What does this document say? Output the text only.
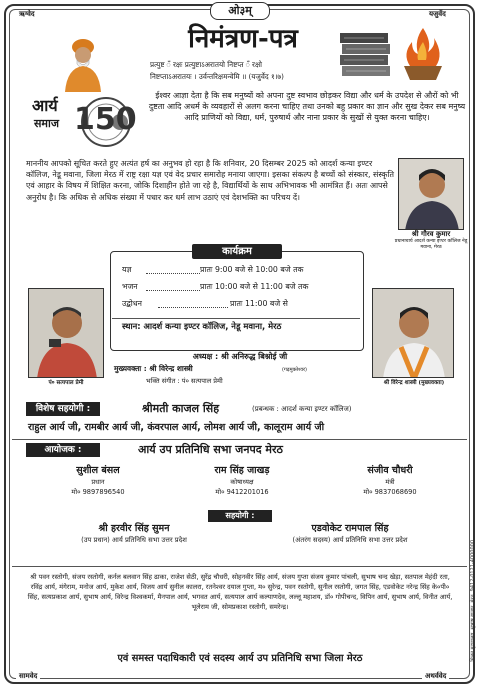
ऋग्वेद	यजुर्वेद
सामवेद	अथर्ववेद
मिलन मुद्रणालय, सुभाष बाजार, मेरठ, 9412-0121-4000000
ओ३म्
आर्य
समाज 150
निमंत्रण-पत्र
प्रत्युष्ट ँ रक्षः प्रत्युष्टाऽअरातयो निष्टप्त ँ रक्षो
निष्टप्ताऽअरातयः । उर्वन्तरिक्षमन्वेमि ॥ (यजुर्वेद १।७)
ईश्वर आज्ञा देता है कि सब मनुष्यों को अपना दुष्ट स्वभाव छोड़कर विद्या और धर्म के उपदेश से औरों को भी दुष्टता आदि अधर्म के व्यवहारों से अलग करना चाहिए तथा उनको बहु प्रकार का ज्ञान और सुख देकर सब मनुष्य आदि प्राणियों को विद्या, धर्म, पुरुषार्थ और नाना प्रकार के सुखों से युक्त करना चाहिए।
माननीय आपको सूचित करते हुए अत्यंत हर्ष का अनुभव हो रहा है कि शनिवार, 20 दिसम्बर 2025 को आदर्श कन्या इण्टर कॉलिज, नेडू मवाना, जिला मेरठ में राष्ट्र रक्षा यज्ञ एवं वेद प्रचार समारोह मनाया जाएगा। इसका संकल्प है बच्चों को संस्कार, संस्कृति एवं आहार के विषय में शिक्षित करना, जोकि दिशाहीन होते जा रहे है, विद्यार्थियों के साथ अभिभावक भी आमंत्रित हैं। अतः आपसे अनुरोध है। कि अधिक से अधिक संख्या में पधार कर धर्म लाभ उठाएं एवं देशभक्ति का परिचय दें।
श्री गौरव कुमार
प्रधानाचार्य आदर्श कन्या इण्टर कॉलिज नेडू मवाना, मेरठ
कार्यक्रम
यज्ञ	प्रातः 9:00 बजे से 10:00 बजे तक
भजन	प्रातः 10:00 बजे से 11:00 बजे तक
उद्बोधन	प्रातः 11:00 बजे से
स्थान: आदर्श कन्या इण्टर कॉलिज, नेडू मवाना, मेरठ
अध्यक्ष : श्री अनिरुद्ध बिश्नोई जी
मुख्यवक्ता : श्री विरेन्द्र शास्त्री	(गढ़मुक्तेश्वर)
भक्ति संगीत : पं० सत्यपाल प्रेमी
पं० सत्यपाल प्रेमी	श्री विरेन्द्र शास्त्री (मुख्यवक्ता)
विशेष सहयोगी :	श्रीमती काजल सिंह	(प्रबन्धक : आदर्श कन्या इण्टर कॉलिज)
राहुल आर्य जी, रामबीर आर्य जी, कंवरपाल आर्य, लोमश आर्य जी, कालूराम आर्य जी
आयोजक :	आर्य उप प्रतिनिधि सभा जनपद मेरठ
सुशील बंसल
प्रधान
मो० 9897896540
राम सिंह जाखड़
कोषाध्यक्ष
मो० 9412201016
संजीव चौधरी
मंत्री
मो० 9837068690
सहयोगी :
श्री हरवीर सिंह सुमन
(उप प्रधान) आर्य प्रतिनिधि सभा उत्तर प्रदेश
एडवोकेट रामपाल सिंह
(अंतरंग सदस्य) आर्य प्रतिनिधि सभा उत्तर प्रदेश
श्री पवन रस्तोगी, संजय रस्तोगी, कर्नल बलवान सिंह ढाका, राजेश सेठी, सुरेंद्र चौधरी, सोहनवीर सिंह आर्य, संजय गुप्ता संजय कुमार पांचली, सुभाष चन्द खेड़ा, सतपाल मेहंदी रता, रविंद्र आर्य, मंगेराम, मनोज आर्य, मुकेश आर्य, विजय आर्य सुनील कालरा, रतनेश्वर दयाल गुप्ता, म० सुरेन्द्र, पवन रस्तोगी, सुनील रस्तोगी, जगत सिंह, एडवोकेट नरेन्द्र सिंह के०पी० सिंह, सत्यप्रकाश आर्य, सुभाष आर्य, विरेन्द्र विश्वकर्मा, मैनपाल आर्य, भगवत आर्य, सत्यपाल आर्य कल्याणदेव, लल्लू महाशय, डॉ० गोपीचन्द, विपिन आर्य, सुभाष आर्य, विनीत आर्य, भूलेराम जी, सोमप्रकाश रस्तोगी, समरेन्द्र।
एवं समस्त पदाधिकारी एवं सदस्य आर्य उप प्रतिनिधि सभा जिला मेरठ
